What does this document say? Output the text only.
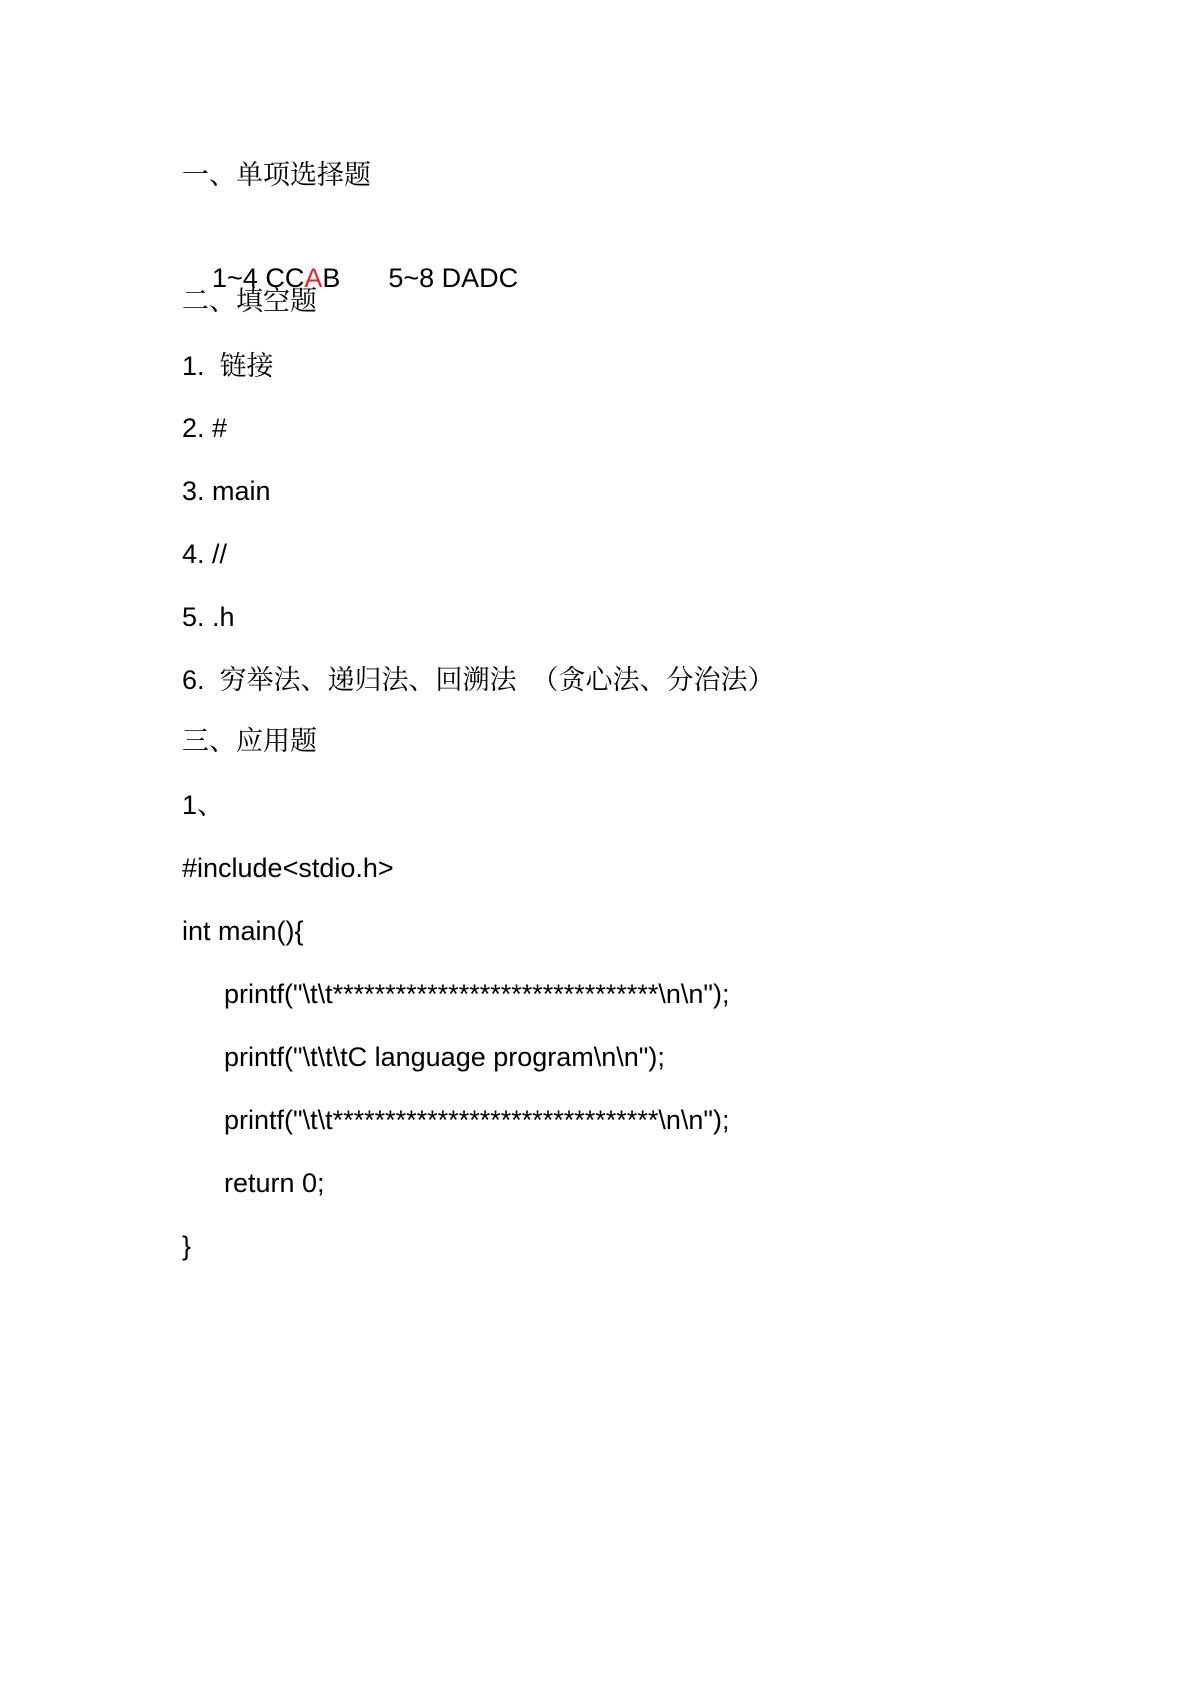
一、单项选择题

1~4 CCAB 5~8 DADC

二、填空题
1.  链接
2. #
3. main
4. //
5. .h
6.  穷举法、递归法、回溯法  （贪心法、分治法）
三、应用题
1、
#include<stdio.h>
int main(){
printf("\t\t*******************************\n\n");
printf("\t\t\tC language program\n\n");
printf("\t\t*******************************\n\n");
return 0;
}
